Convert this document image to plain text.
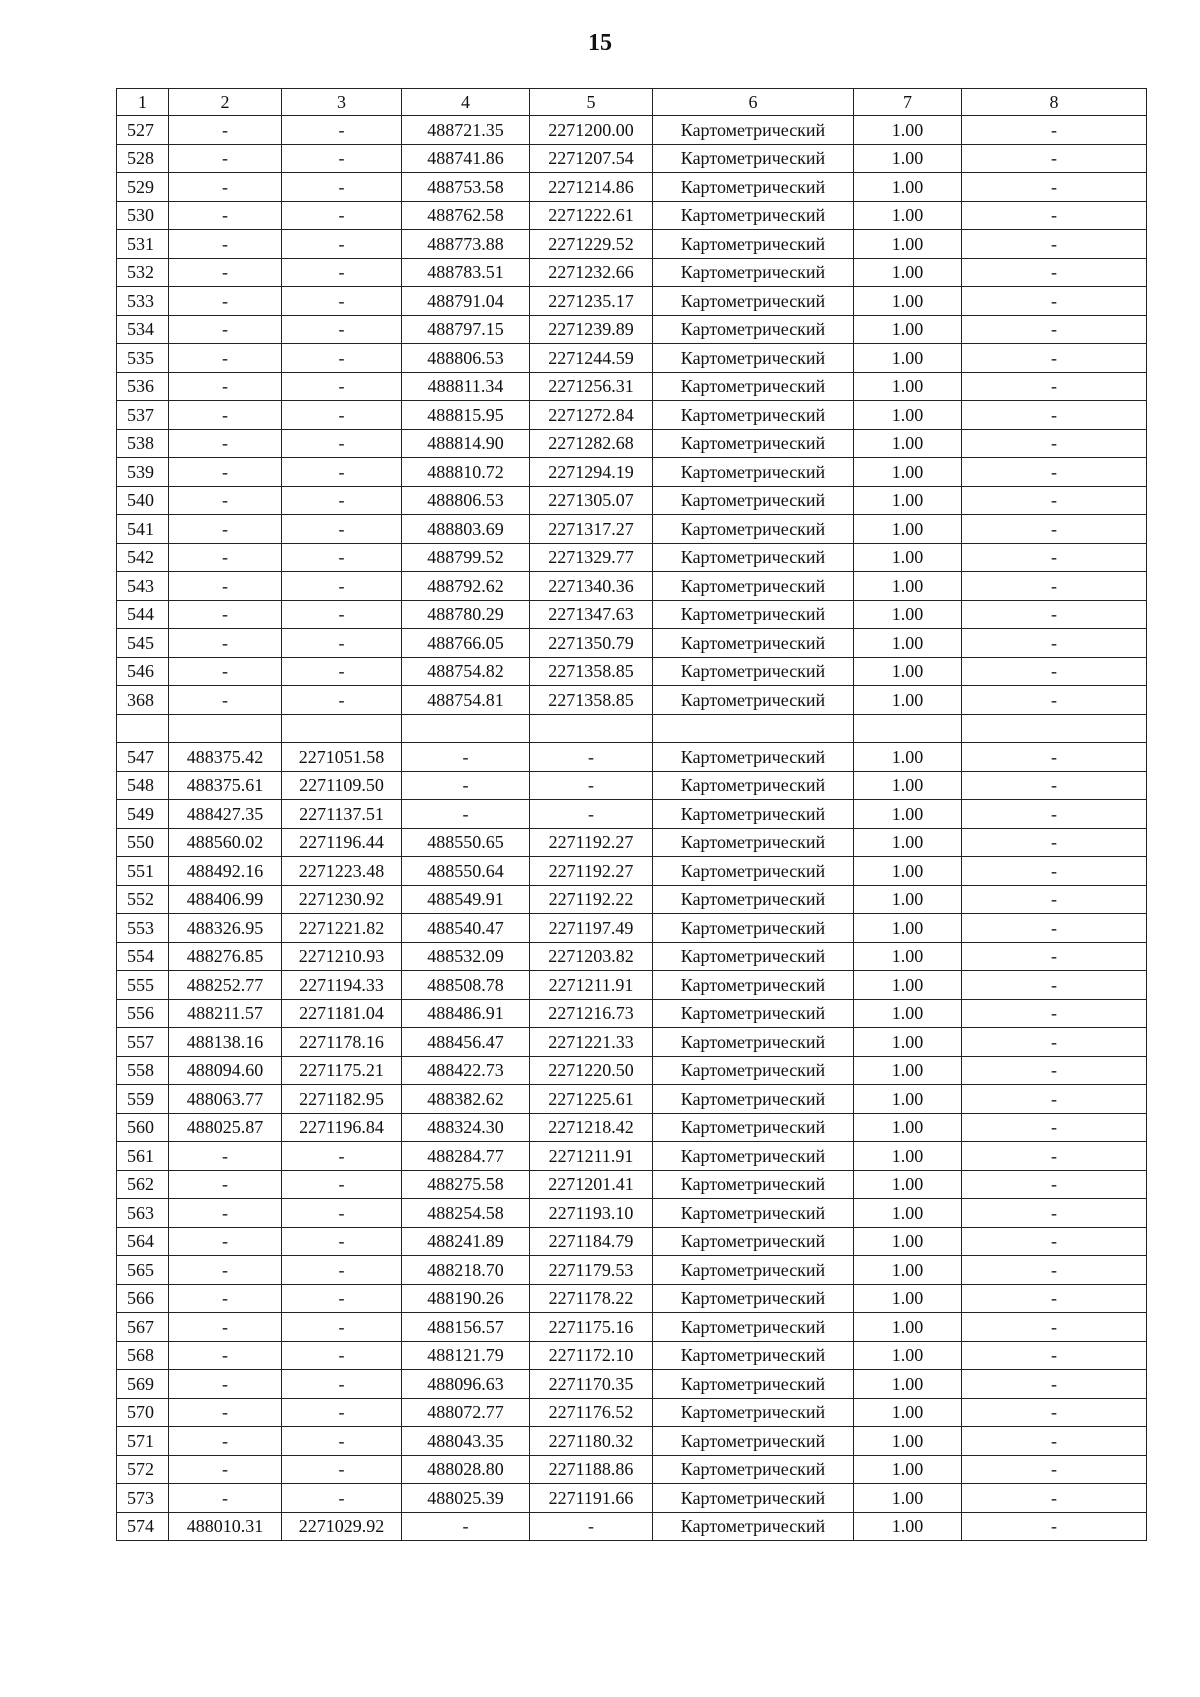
15
1	2	3	4	5	6	7	8
527	-	-	488721.35	2271200.00	Картометрический	1.00	-
528	-	-	488741.86	2271207.54	Картометрический	1.00	-
529	-	-	488753.58	2271214.86	Картометрический	1.00	-
530	-	-	488762.58	2271222.61	Картометрический	1.00	-
531	-	-	488773.88	2271229.52	Картометрический	1.00	-
532	-	-	488783.51	2271232.66	Картометрический	1.00	-
533	-	-	488791.04	2271235.17	Картометрический	1.00	-
534	-	-	488797.15	2271239.89	Картометрический	1.00	-
535	-	-	488806.53	2271244.59	Картометрический	1.00	-
536	-	-	488811.34	2271256.31	Картометрический	1.00	-
537	-	-	488815.95	2271272.84	Картометрический	1.00	-
538	-	-	488814.90	2271282.68	Картометрический	1.00	-
539	-	-	488810.72	2271294.19	Картометрический	1.00	-
540	-	-	488806.53	2271305.07	Картометрический	1.00	-
541	-	-	488803.69	2271317.27	Картометрический	1.00	-
542	-	-	488799.52	2271329.77	Картометрический	1.00	-
543	-	-	488792.62	2271340.36	Картометрический	1.00	-
544	-	-	488780.29	2271347.63	Картометрический	1.00	-
545	-	-	488766.05	2271350.79	Картометрический	1.00	-
546	-	-	488754.82	2271358.85	Картометрический	1.00	-
368	-	-	488754.81	2271358.85	Картометрический	1.00	-

547	488375.42	2271051.58	-	-	Картометрический	1.00	-
548	488375.61	2271109.50	-	-	Картометрический	1.00	-
549	488427.35	2271137.51	-	-	Картометрический	1.00	-
550	488560.02	2271196.44	488550.65	2271192.27	Картометрический	1.00	-
551	488492.16	2271223.48	488550.64	2271192.27	Картометрический	1.00	-
552	488406.99	2271230.92	488549.91	2271192.22	Картометрический	1.00	-
553	488326.95	2271221.82	488540.47	2271197.49	Картометрический	1.00	-
554	488276.85	2271210.93	488532.09	2271203.82	Картометрический	1.00	-
555	488252.77	2271194.33	488508.78	2271211.91	Картометрический	1.00	-
556	488211.57	2271181.04	488486.91	2271216.73	Картометрический	1.00	-
557	488138.16	2271178.16	488456.47	2271221.33	Картометрический	1.00	-
558	488094.60	2271175.21	488422.73	2271220.50	Картометрический	1.00	-
559	488063.77	2271182.95	488382.62	2271225.61	Картометрический	1.00	-
560	488025.87	2271196.84	488324.30	2271218.42	Картометрический	1.00	-
561	-	-	488284.77	2271211.91	Картометрический	1.00	-
562	-	-	488275.58	2271201.41	Картометрический	1.00	-
563	-	-	488254.58	2271193.10	Картометрический	1.00	-
564	-	-	488241.89	2271184.79	Картометрический	1.00	-
565	-	-	488218.70	2271179.53	Картометрический	1.00	-
566	-	-	488190.26	2271178.22	Картометрический	1.00	-
567	-	-	488156.57	2271175.16	Картометрический	1.00	-
568	-	-	488121.79	2271172.10	Картометрический	1.00	-
569	-	-	488096.63	2271170.35	Картометрический	1.00	-
570	-	-	488072.77	2271176.52	Картометрический	1.00	-
571	-	-	488043.35	2271180.32	Картометрический	1.00	-
572	-	-	488028.80	2271188.86	Картометрический	1.00	-
573	-	-	488025.39	2271191.66	Картометрический	1.00	-
574	488010.31	2271029.92	-	-	Картометрический	1.00	-
